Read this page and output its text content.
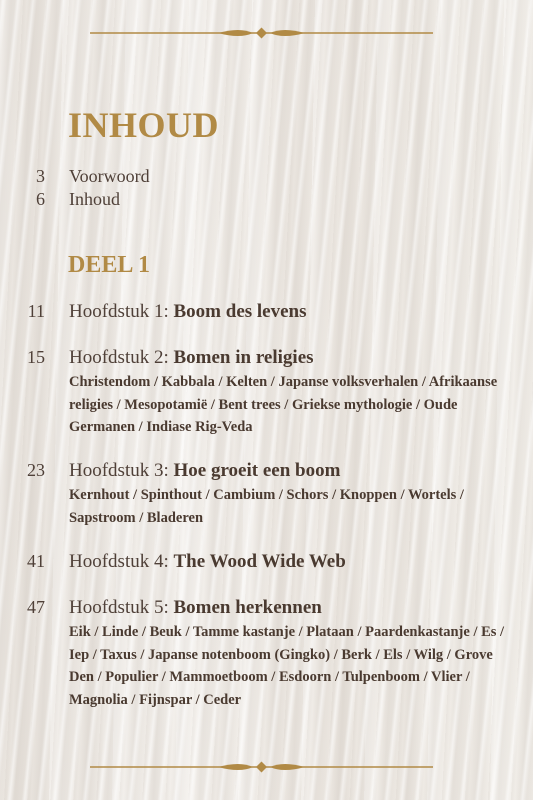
INHOUD
3 Voorwoord
6 Inhoud
DEEL 1
11 Hoofdstuk 1: Boom des levens
15 Hoofdstuk 2: Bomen in religies
Christendom / Kabbala / Kelten / Japanse volksverhalen / Afrikaanse religies / Mesopotamië / Bent trees / Griekse mythologie / Oude Germanen / Indiase Rig-Veda
23 Hoofdstuk 3: Hoe groeit een boom
Kernhout / Spinthout / Cambium / Schors / Knoppen / Wortels / Sapstroom / Bladeren
41 Hoofdstuk 4: The Wood Wide Web
47 Hoofdstuk 5: Bomen herkennen
Eik / Linde / Beuk / Tamme kastanje / Plataan / Paardenkastanje / Es / Iep / Taxus / Japanse notenboom (Gingko) / Berk / Els / Wilg / Grove Den / Populier / Mammoetboom / Esdoorn / Tulpenboom / Vlier / Magnolia / Fijnspar / Ceder
